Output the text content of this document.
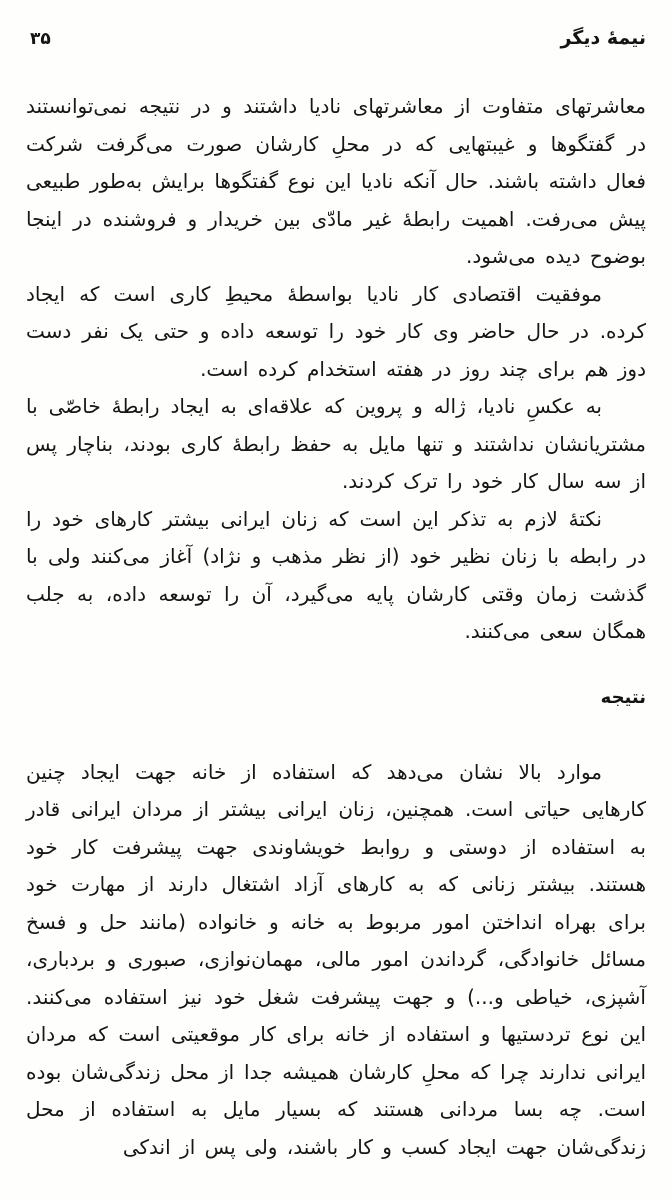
نیمهٔ دیگر
۳۵

معاشرتهای متفاوت از معاشرتهای نادیا داشتند و در نتیجه نمی‌توانستند در گفتگوها و غیبتهایی که در محلِ کارشان صورت می‌گرفت شرکت فعال داشته باشند. حال آنکه نادیا این نوع گفتگوها برایش به‌طور طبیعی پیش می‌رفت. اهمیت رابطهٔ غیر مادّی بین خریدار و فروشنده در اینجا بوضوح دیده می‌شود.

موفقیت اقتصادی کار نادیا بواسطهٔ محیطِ کاری است که ایجاد کرده. در حال حاضر وی کار خود را توسعه داده و حتی یک نفر دست دوز هم برای چند روز در هفته استخدام کرده است.

به عکسِ نادیا، ژاله و پروین که علاقه‌ای به ایجاد رابطهٔ خاصّی با مشتریانشان نداشتند و تنها مایل به حفظ رابطهٔ کاری بودند، بناچار پس از سه سال کار خود را ترک کردند.

نکتهٔ لازم به تذکر این است که زنان ایرانی بیشتر کارهای خود را در رابطه با زنان نظیر خود (از نظر مذهب و نژاد) آغاز می‌کنند ولی با گذشت زمان وقتی کارشان پایه می‌گیرد، آن را توسعه داده، به جلب همگان سعی می‌کنند.

نتیجه

موارد بالا نشان می‌دهد که استفاده از خانه جهت ایجاد چنین کارهایی حیاتی است. همچنین، زنان ایرانی بیشتر از مردان ایرانی قادر به استفاده از دوستی و روابط خویشاوندی جهت پیشرفت کار خود هستند. بیشتر زنانی که به کارهای آزاد اشتغال دارند از مهارت خود برای بهراه انداختن امور مربوط به خانه و خانواده (مانند حل و فسخ مسائل خانوادگی، گرداندن امور مالی، مهمان‌نوازی، صبوری و بردباری، آشپزی، خیاطی و...) و جهت پیشرفت شغل خود نیز استفاده می‌کنند. این نوع تردستیها و استفاده از خانه برای کار موقعیتی است که مردان ایرانی ندارند چرا که محلِ کارشان همیشه جدا از محل زندگی‌شان بوده است. چه بسا مردانی هستند که بسیار مایل به استفاده از محل زندگی‌شان جهت ایجاد کسب و کار باشند، ولی پس از اندکی
